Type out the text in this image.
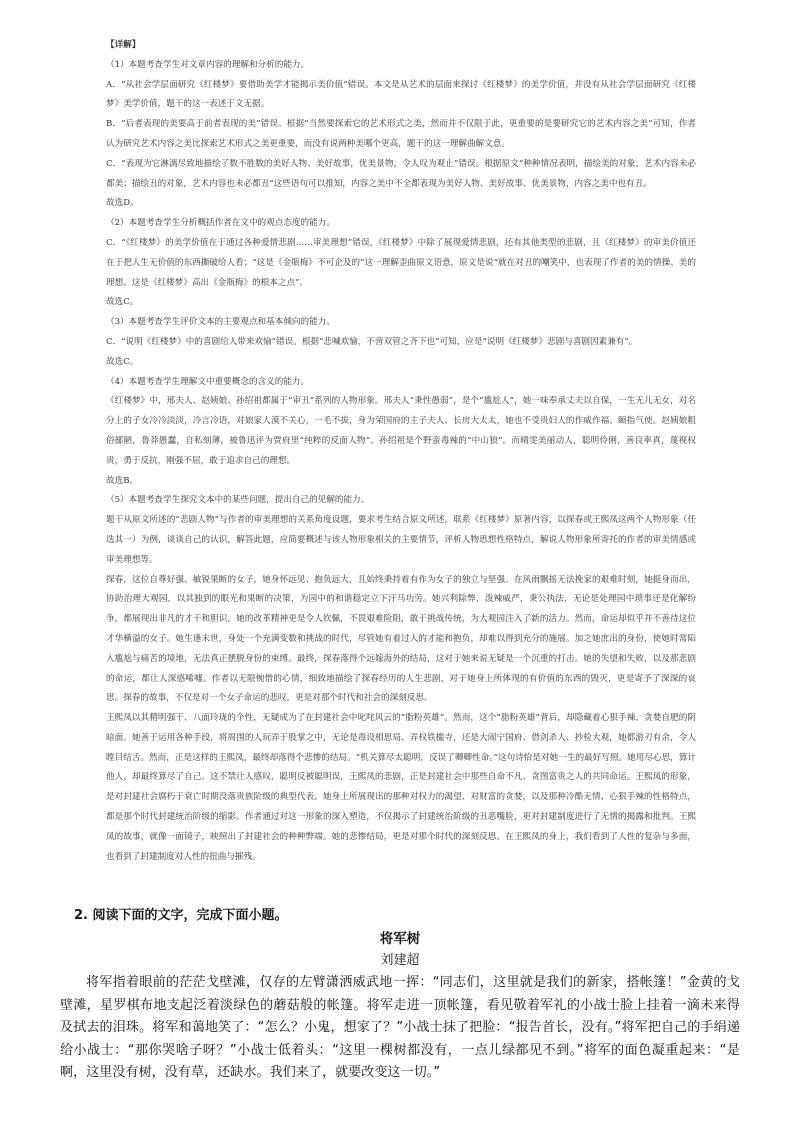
【详解】

（1）本题考查学生对文章内容的理解和分析的能力。

A．“从社会学层面研究《红楼梦》要借助美学才能揭示美价值”错误。本文是从艺术的层面来探讨《红楼梦》的美学价值，并没有从社会学层面研究《红楼梦》美学价值，题干的这一表述于文无据。

B．“后者表现的美要高于前者表现的美”错误。根据“当然要探索它的艺术形式之美，然而并不仅限于此，更重要的是要研究它的艺术内容之美”可知，作者认为研究艺术内容之美比探索艺术形式之美更重要，而没有说两种美哪个更高，题干的这一理解曲解文意。

C．“表现为它淋漓尽致地描绘了数不胜数的美好人物、美好故事，优美景物，令人叹为观止”错误。根据原文“种种情况表明，描绘美的对象，艺术内容未必都美；描绘丑的对象，艺术内容也未必都丑”这些语句可以推知，内容之美中不全都表现为美好人物、美好故事、优美景物，内容之美中也有丑。

故选D。

（2）本题考查学生分析概括作者在文中的观点态度的能力。

C．“《红楼梦》的美学价值在于通过各种爱情悲剧……审美理想”错误，《红楼梦》中除了展现爱情悲剧，还有其他类型的悲剧，且《红楼梦》的审美价值还在于把人生无价值的东西撕破给人看；“这是《金瓶梅》不可企及的”这一理解歪曲原文语意，原文是说“就在对丑的嘲笑中，也表现了作者的美的情操、美的理想。这是《红楼梦》高出《金瓶梅》的根本之点”。

故选C。

（3）本题考查学生评价文本的主要观点和基本倾向的能力。

C．“说明《红楼梦》中的喜剧给人带来欢愉”错误。根据“悲喊欢愉，不啻双管之齐下也”可知，应是“说明《红楼梦》悲剧与喜剧因素兼有”。

故选C。

（4）本题考查学生理解文中重要概念的含义的能力。

《红楼梦》中，邢夫人、赵姨娘、孙绍祖都属于“审丑”系列的人物形象。邢夫人“秉性愚弱”，是个“尴尬人”，她一味奉承丈夫以自保，一生无儿无女，对名分上的子女冷冷淡淡，冷言冷语，对娘家人漠不关心，一毛不拔，身为荣国府的主子夫人、长房大太太，她也不受贵妇人的作威作福、颐指气使。赵姨娘粗俗鄙陋，鲁莽愚蠢，自私刻薄，被鲁迅评为贾府里“纯粹的反面人物”。孙绍祖是个野蛮毒辣的“中山狼”。而晴雯美丽动人，聪明伶俐，善良率真，蔑视权贵，勇于反抗，刚强不屈，敢于追求自己的理想。

故选B。

（5）本题考查学生探究文本中的某些问题，提出自己的见解的能力。

题干从原文所述的“悲剧人物”与作者的审美理想的关系角度设题，要求考生结合原文所述，联系《红楼梦》原著内容，以探春或王熙凤这两个人物形象（任选其一）为例，谈谈自己的认识，解答此题，应简要概述与该人物形象相关的主要情节，评析人物思想性格特点，解说人物形象所寄托的作者的审美情感或审美理想等。

探春，这位自尊好强、敏锐果断的女子，她身怀远见、抱负远大，且始终秉持着有作为女子的独立与坚强。在风雨飘摇无法挽家的艰难时刻，她挺身而出，协助治理大观园，以其独到的眼光和果断的决策，为园中的和谐稳定立下汗马功劳。她兴利除弊，泼辣威严，秉公执法，无论是处理园中琐事还是化解纷争，都展现出非凡的才干和胆识。她的改革精神更是令人钦佩，不畏艰难险阻，敢于挑战传统，为大观园注入了新的活力。然而，命运却似乎并不善待这位才华横溢的女子。她生逢末世，身处一个充满变数和挑战的时代，尽管她有着过人的才能和抱负，却难以得到充分的施展。加之她庶出的身份，使她时常陷入尴尬与痛苦的境地，无法真正摆脱身份的束缚。最终，探春落得个远嫁海外的结局，这对于她来说无疑是一个沉重的打击。她的失望和失败，以及那悲剧的命运，都让人深感唏嘘。作者以无限惋惜的心情，细致地描绘了探春经历的人生悲剧，对于她身上所体现的有价值的东西的毁灭，更是寄予了深深的哀思。探春的故事，不仅是对一个女子命运的悲叹，更是对那个时代和社会的深刻反思。

王熙凤以其精明强干、八面玲珑的个性，无疑成为了在封建社会中叱咤风云的“脂粉英雄”。然而，这个“脂粉英雄”背后，却隐藏着心狠手辣、贪婪自肥的阴暗面。她善于运用各种手段，将周围的人玩弄于股掌之中，无论是毒设相思局、弄权铁槛寺，还是大闹宁国府、借剑杀人、抄检大观，她都游刃有余，令人瞠目结舌。然而，正是这样的王熙凤，最终却落得个悲惨的结局。“机关算尽太聪明，反误了卿卿性命。”这句诗恰是对她一生的最好写照。她用尽心思，算计他人，却最终算尽了自己。这不禁让人感叹，聪明反被聪明误，王熙凤的悲剧，正是封建社会中那些自命不凡、贪图富贵之人的共同命运。王熙凤的形象，是对封建社会腐朽于衰亡时期没落贵族阶级的典型代表。她身上所展现出的那种对权力的渴望、对财富的贪婪，以及那种冷酷无情、心狠手辣的性格特点，都是那个时代封建统治阶级的缩影。作者通过对这一形象的深入塑造，不仅揭示了封建统治阶级的丑恶嘴脸，更对封建制度进行了无情的揭露和批判。王熙凤的故事，就像一面镜子，映照出了封建社会的种种弊端。她的悲惨结局，更是对那个时代的深刻反思。在王熙凤的身上，我们看到了人性的复杂与多面，也看到了封建制度对人性的扭曲与摧残。

2. 阅读下面的文字，完成下面小题。

将军树

刘建超

将军指着眼前的茫茫戈壁滩，仅存的左臂潇洒威武地一挥：“同志们，这里就是我们的新家，搭帐篷！”金黄的戈壁滩，星罗棋布地支起泛着淡绿色的蘑菇般的帐篷。将军走进一顶帐篷，看见敬着军礼的小战士脸上挂着一滴未来得及拭去的泪珠。将军和蔼地笑了：“怎么？小鬼，想家了？”小战士抹了把脸：“报告首长，没有。”将军把自己的手绢递给小战士：“那你哭啥子呀？”小战士低着头：“这里一棵树都没有，一点儿绿都见不到。”将军的面色凝重起来：“是啊，这里没有树，没有草，还缺水。我们来了，就要改变这一切。”
